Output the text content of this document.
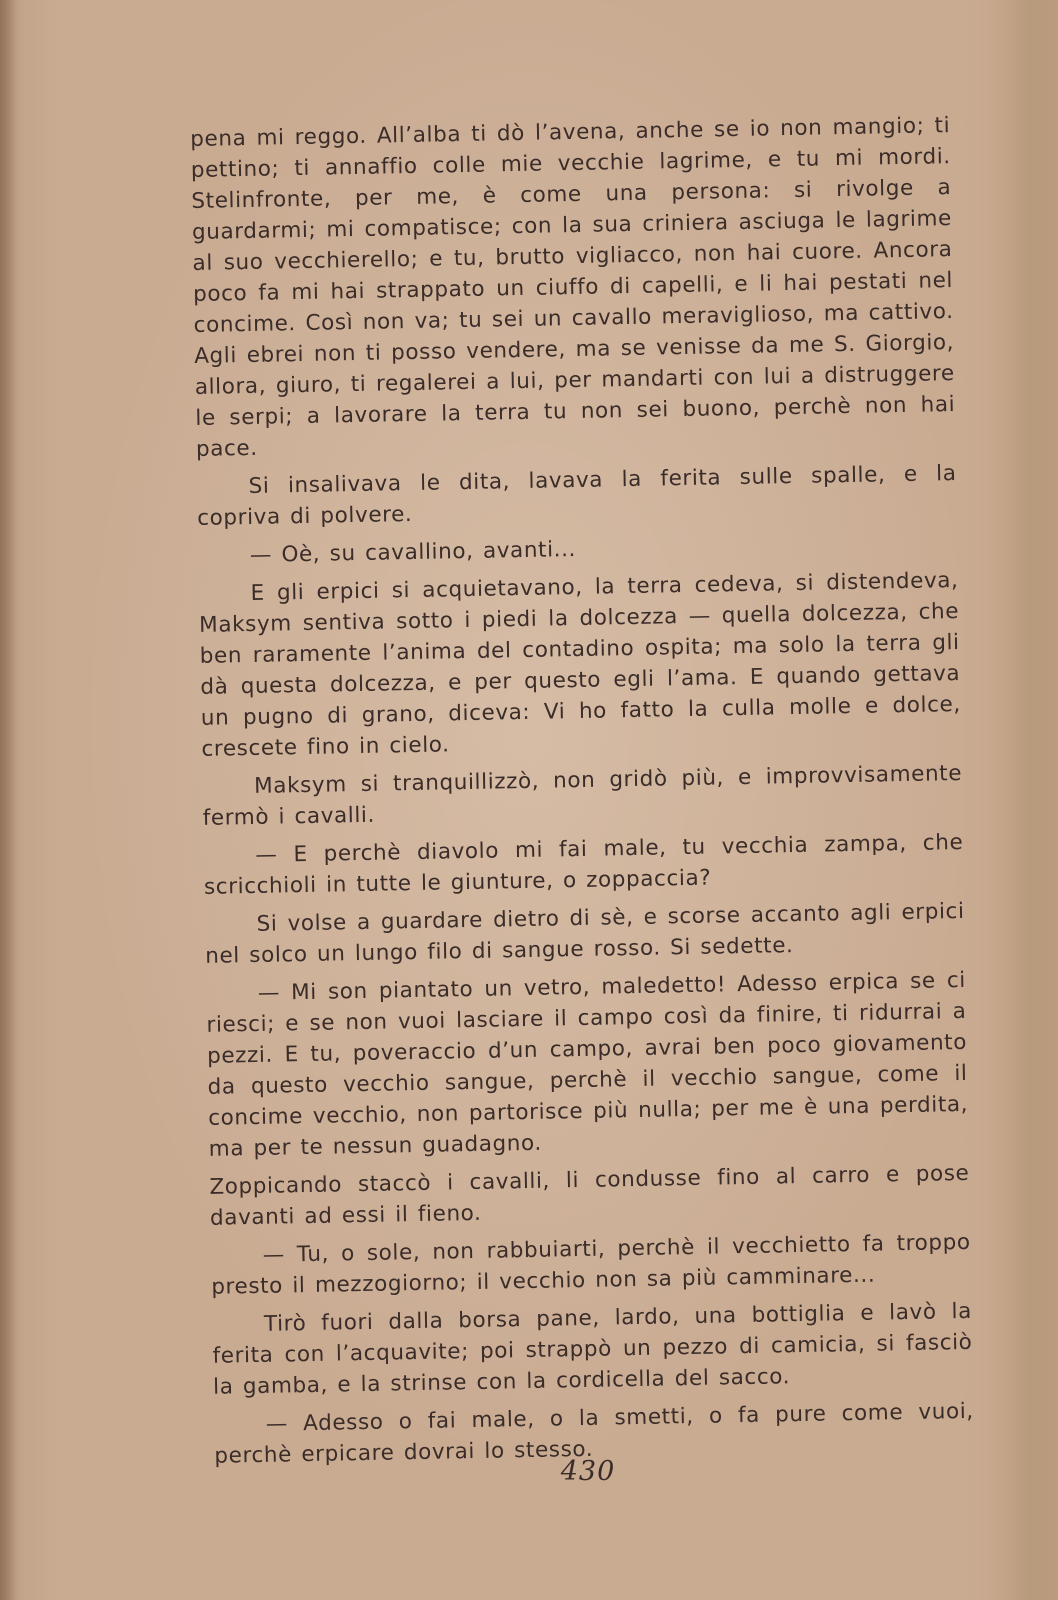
pena mi reggo. All’alba ti dò l’avena, anche se io non mangio; ti pettino; ti annaffio colle mie vecchie lagrime, e tu mi mordi. Stelinfronte, per me, è come una persona: si rivolge a guardarmi; mi compatisce; con la sua criniera asciuga le lagrime al suo vecchierello; e tu, brutto vigliacco, non hai cuore. Ancora poco fa mi hai strappato un ciuffo di capelli, e li hai pestati nel concime. Così non va; tu sei un cavallo meraviglioso, ma cattivo. Agli ebrei non ti posso vendere, ma se venisse da me S. Giorgio, allora, giuro, ti regalerei a lui, per mandarti con lui a distruggere le serpi; a lavorare la terra tu non sei buono, perchè non hai pace.

Si insalivava le dita, lavava la ferita sulle spalle, e la copriva di polvere.

— Oè, su cavallino, avanti...

E gli erpici si acquietavano, la terra cedeva, si distendeva, Maksym sentiva sotto i piedi la dolcezza — quella dolcezza, che ben raramente l’anima del contadino ospita; ma solo la terra gli dà questa dolcezza, e per questo egli l’ama. E quando gettava un pugno di grano, diceva: Vi ho fatto la culla molle e dolce, crescete fino in cielo.

Maksym si tranquillizzò, non gridò più, e improvvisamente fermò i cavalli.

— E perchè diavolo mi fai male, tu vecchia zampa, che scricchioli in tutte le giunture, o zoppaccia?

Si volse a guardare dietro di sè, e scorse accanto agli erpici nel solco un lungo filo di sangue rosso. Si sedette.

— Mi son piantato un vetro, maledetto! Adesso erpica se ci riesci; e se non vuoi lasciare il campo così da finire, ti ridurrai a pezzi. E tu, poveraccio d’un campo, avrai ben poco giovamento da questo vecchio sangue, perchè il vecchio sangue, come il concime vecchio, non partorisce più nulla; per me è una perdita, ma per te nessun guadagno.

Zoppicando staccò i cavalli, li condusse fino al carro e pose davanti ad essi il fieno.

— Tu, o sole, non rabbuiarti, perchè il vecchietto fa troppo presto il mezzogiorno; il vecchio non sa più camminare...

Tirò fuori dalla borsa pane, lardo, una bottiglia e lavò la ferita con l’acquavite; poi strappò un pezzo di camicia, si fasciò la gamba, e la strinse con la cordicella del sacco.

— Adesso o fai male, o la smetti, o fa pure come vuoi, perchè erpicare dovrai lo stesso.

430
